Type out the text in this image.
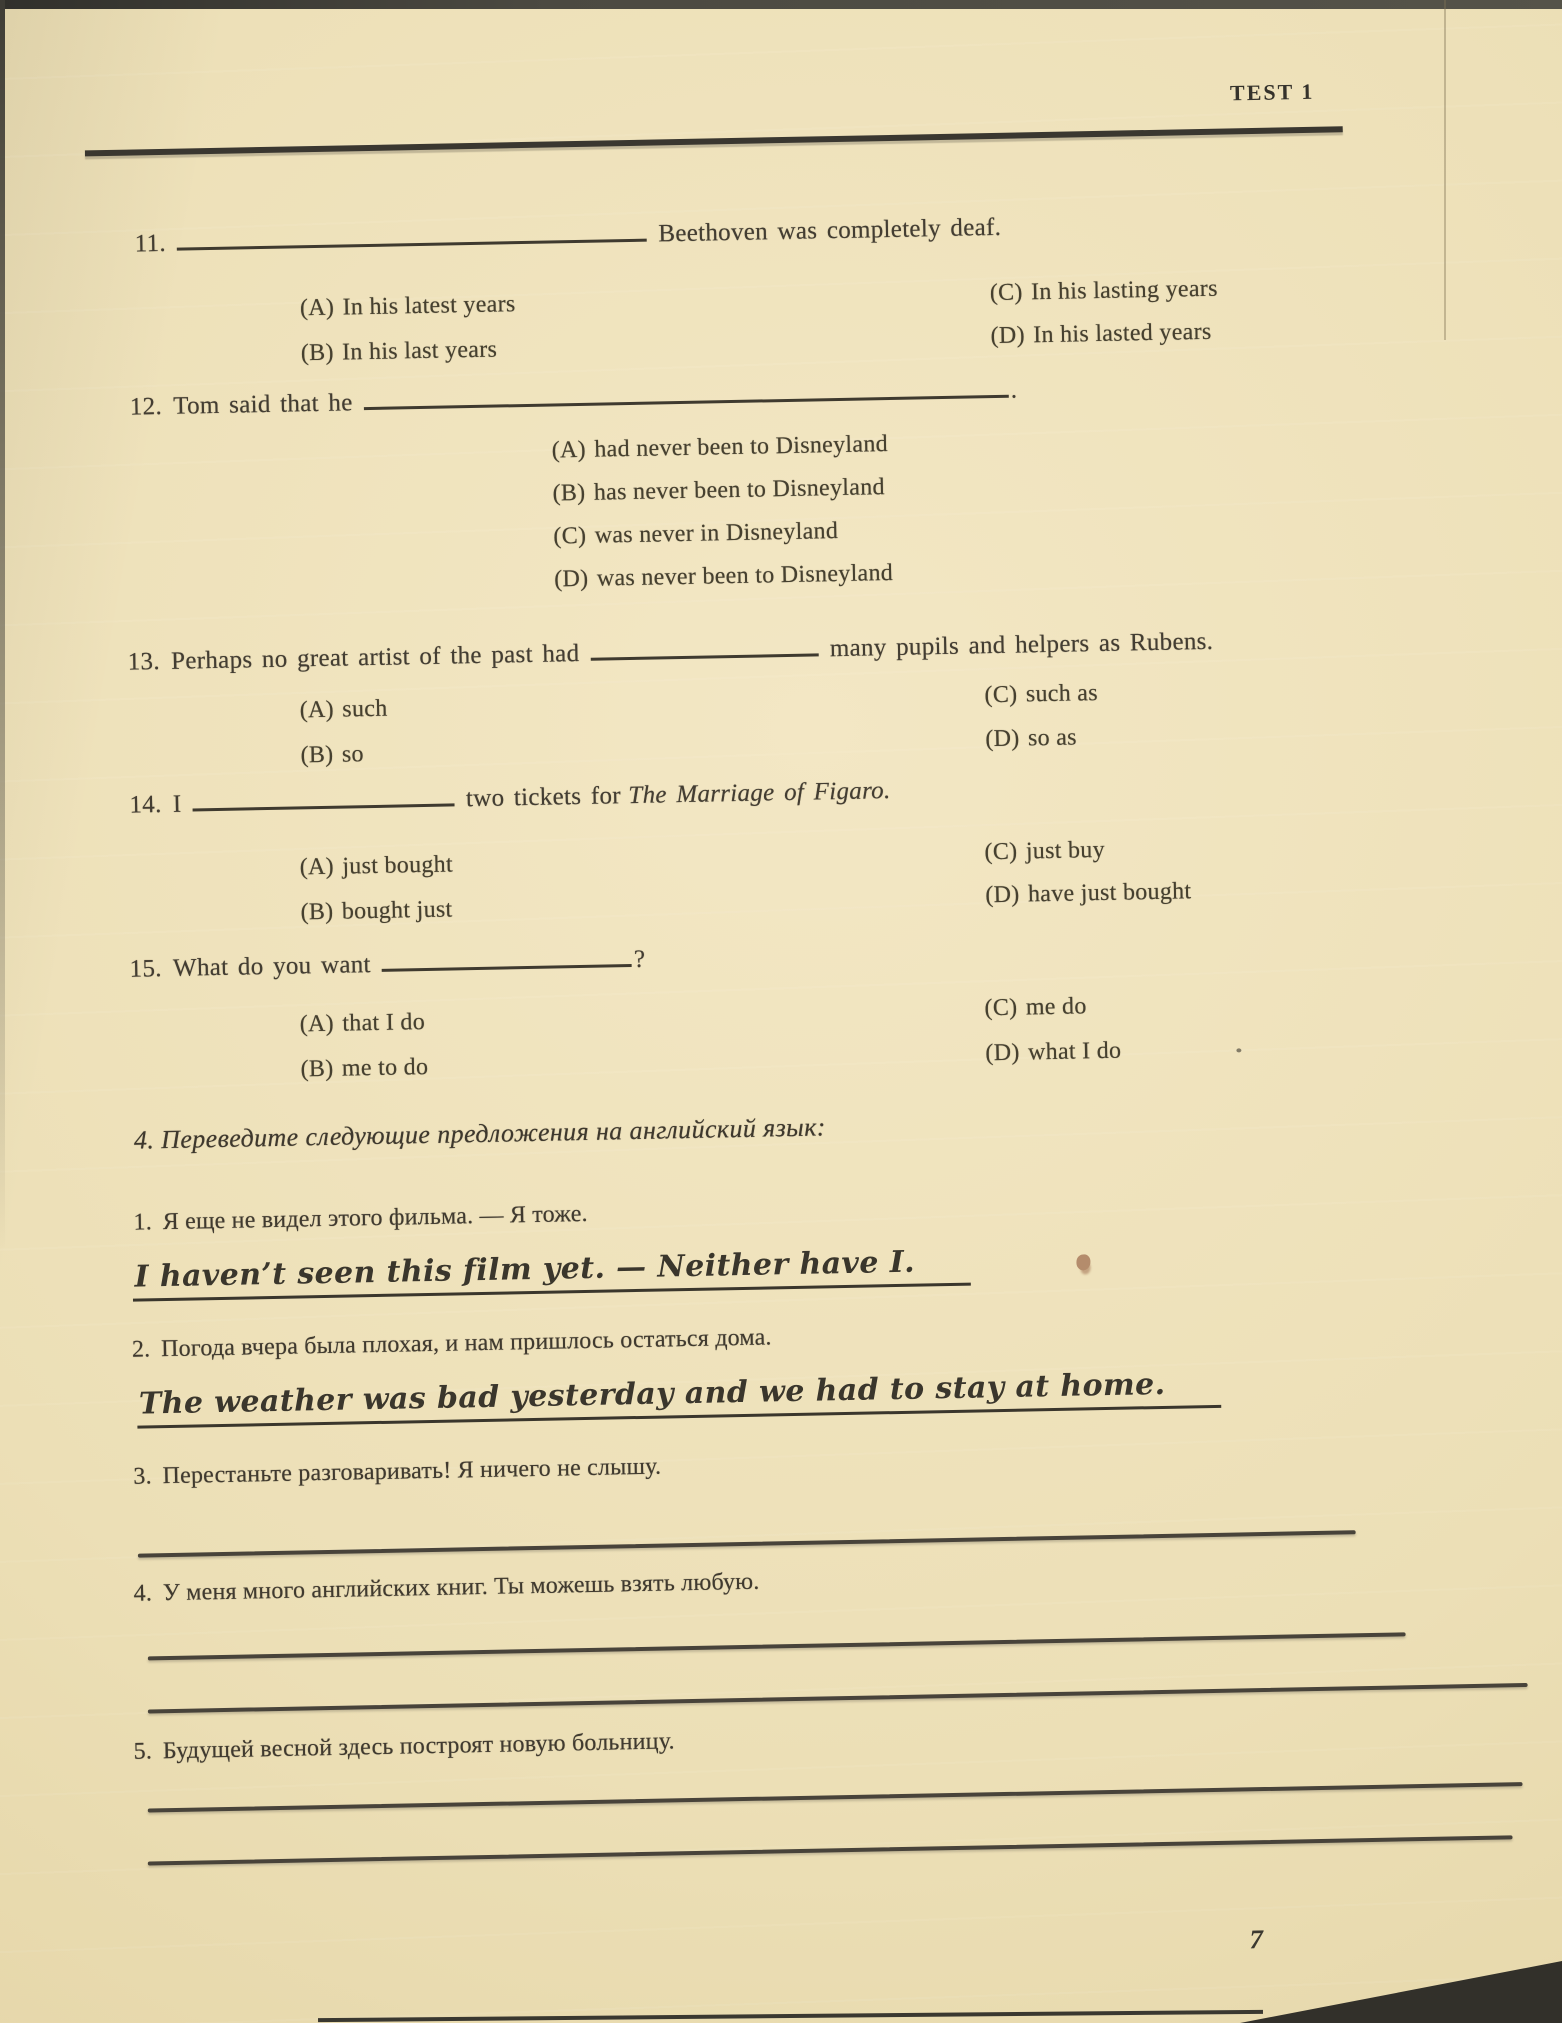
TEST 1
11.	Beethoven was completely deaf.
(A) In his latest years
(B) In his last years
(C) In his lasting years
(D) In his lasted years
12. Tom said that he	.
(A) had never been to Disneyland
(B) has never been to Disneyland
(C) was never in Disneyland
(D) was never been to Disneyland
13. Perhaps no great artist of the past had	many pupils and helpers as Rubens.
(A) such
(B) so
(C) such as
(D) so as
14. I	two tickets for The Marriage of Figaro.
(A) just bought
(B) bought just
(C) just buy
(D) have just bought
15. What do you want	?
(A) that I do
(B) me to do
(C) me do
(D) what I do
4. Переведите следующие предложения на английский язык:
1. Я еще не видел этого фильма. — Я тоже.
I haven’t seen this film yet. — Neither have I.
2. Погода вчера была плохая, и нам пришлось остаться дома.
The weather was bad yesterday and we had to stay at home.
3. Перестаньте разговаривать! Я ничего не слышу.
4. У меня много английских книг. Ты можешь взять любую.
5. Будущей весной здесь построят новую больницу.
7
